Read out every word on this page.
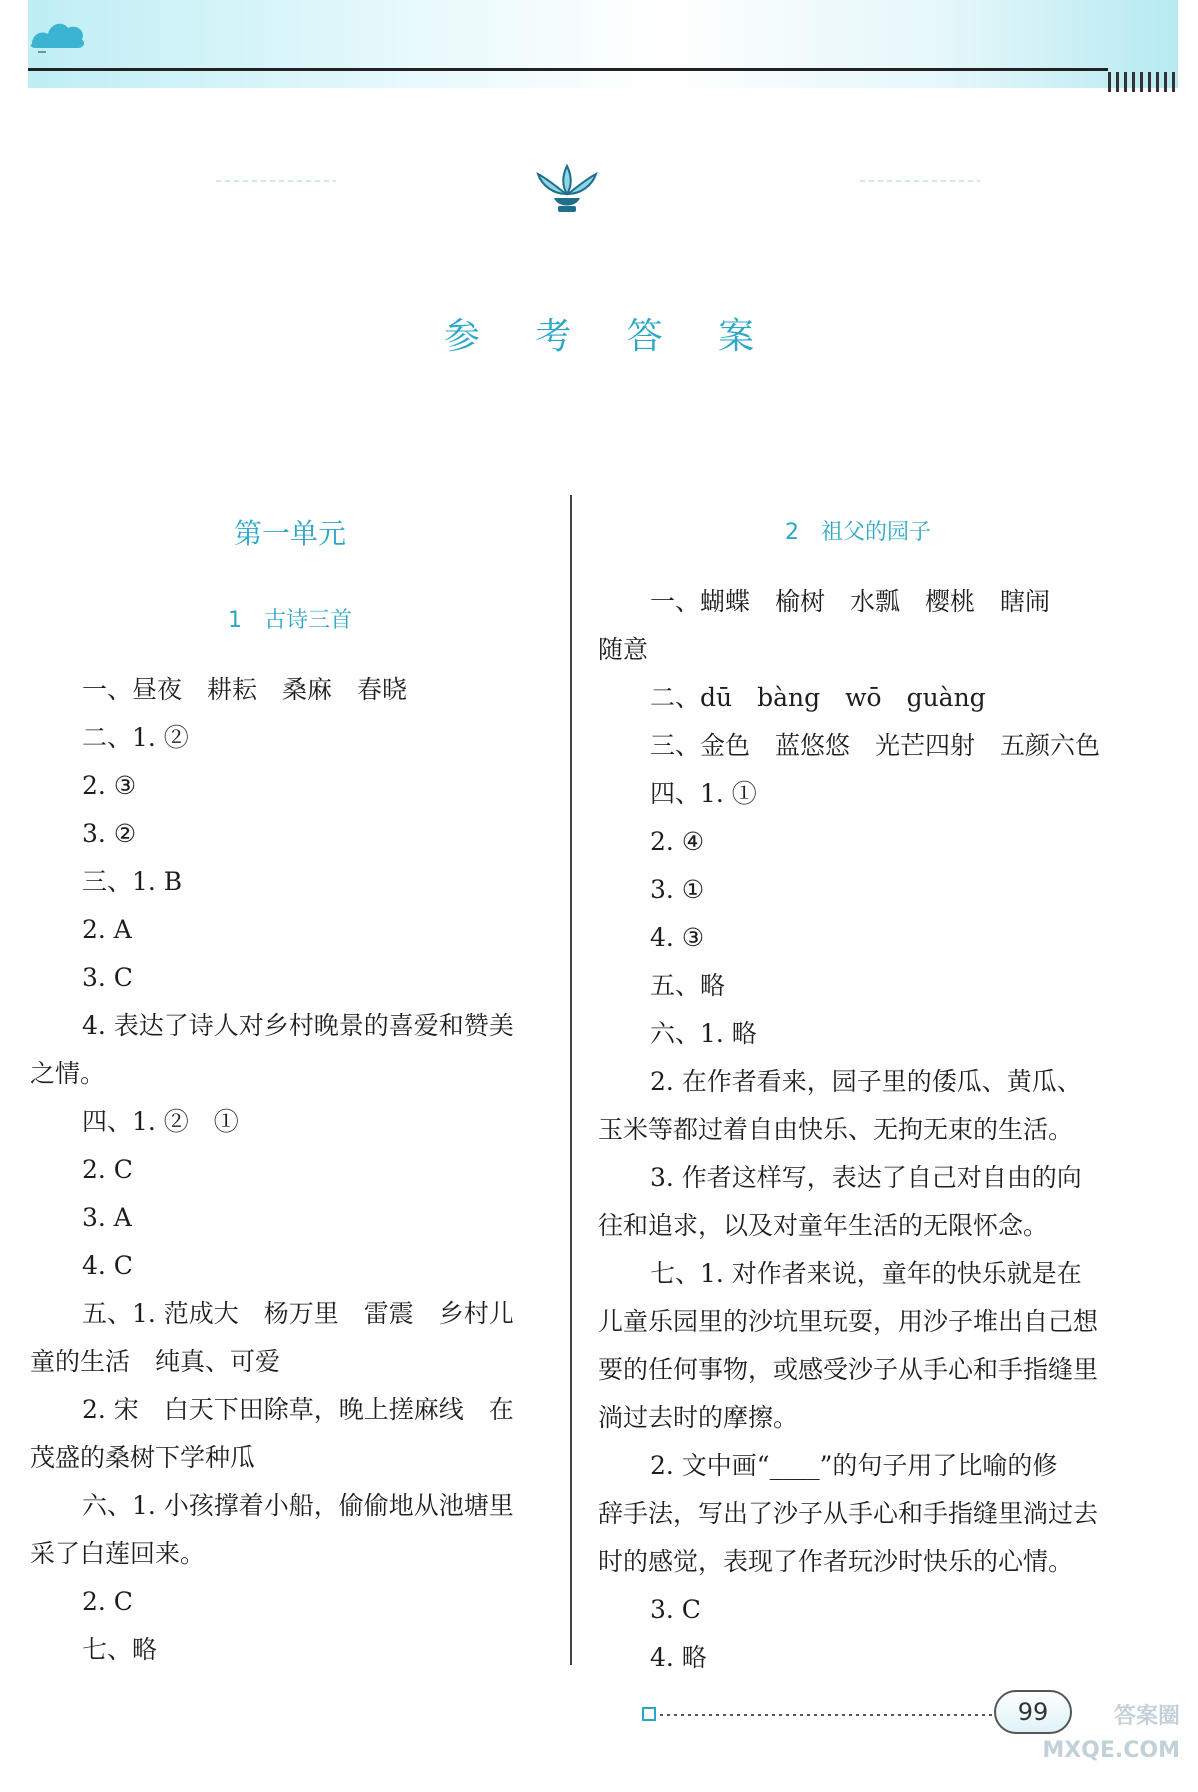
参 考 答 案
第一单元
1　古诗三首
一、昼夜　耕耘　桑麻　春晓
二、1. ②
2. ③
3. ②
三、1. B
2. A
3. C
4. 表达了诗人对乡村晚景的喜爱和赞美
之情。
四、1. ②　①
2. C
3. A
4. C
五、1. 范成大　杨万里　雷震　乡村儿
童的生活　纯真、可爱
2. 宋　白天下田除草，晚上搓麻线　在
茂盛的桑树下学种瓜
六、1. 小孩撑着小船，偷偷地从池塘里
采了白莲回来。
2. C
七、略
2　祖父的园子
一、蝴蝶　榆树　水瓢　樱桃　瞎闹
随意
二、dū　bàng　wō　guàng
三、金色　蓝悠悠　光芒四射　五颜六色
四、1. ①
2. ④
3. ①
4. ③
五、略
六、1. 略
2. 在作者看来，园子里的倭瓜、黄瓜、
玉米等都过着自由快乐、无拘无束的生活。
3. 作者这样写，表达了自己对自由的向
往和追求，以及对童年生活的无限怀念。
七、1. 对作者来说，童年的快乐就是在
儿童乐园里的沙坑里玩耍，用沙子堆出自己想
要的任何事物，或感受沙子从手心和手指缝里
淌过去时的摩擦。
2. 文中画“____”的句子用了比喻的修
辞手法，写出了沙子从手心和手指缝里淌过去
时的感觉，表现了作者玩沙时快乐的心情。
3. C
4. 略
99	答案圈
MXQE.COM
